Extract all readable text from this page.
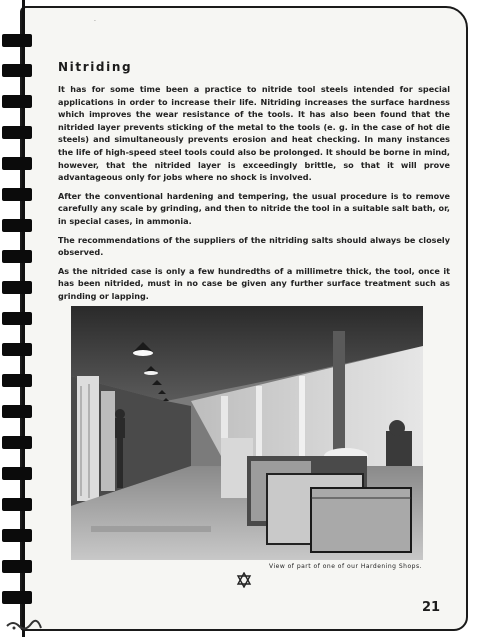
·
Nitriding

It has for some time been a practice to nitride tool steels intended for special applications in order to increase their life. Nitriding increases the surface hardness which improves the wear resistance of the tools. It has also been found that the nitrided layer prevents sticking of the metal to the tools (e. g. in the case of hot die steels) and simultaneously prevents erosion and heat checking. In many instances the life of high-speed steel tools could also be prolonged. It should be borne in mind, however, that the nitrided layer is exceedingly brittle, so that it will prove advantageous only for jobs where no shock is involved.

After the conventional hardening and tempering, the usual procedure is to remove carefully any scale by grinding, and then to nitride the tool in a suitable salt bath, or, in special cases, in ammonia.

The recommendations of the suppliers of the nitriding salts should always be closely observed.

As the nitrided case is only a few hundredths of a millimetre thick, the tool, once it has been nitrided, must in no case be given any further surface treatment such as grinding or lapping.

View of part of one of our Hardening Shops.
21
